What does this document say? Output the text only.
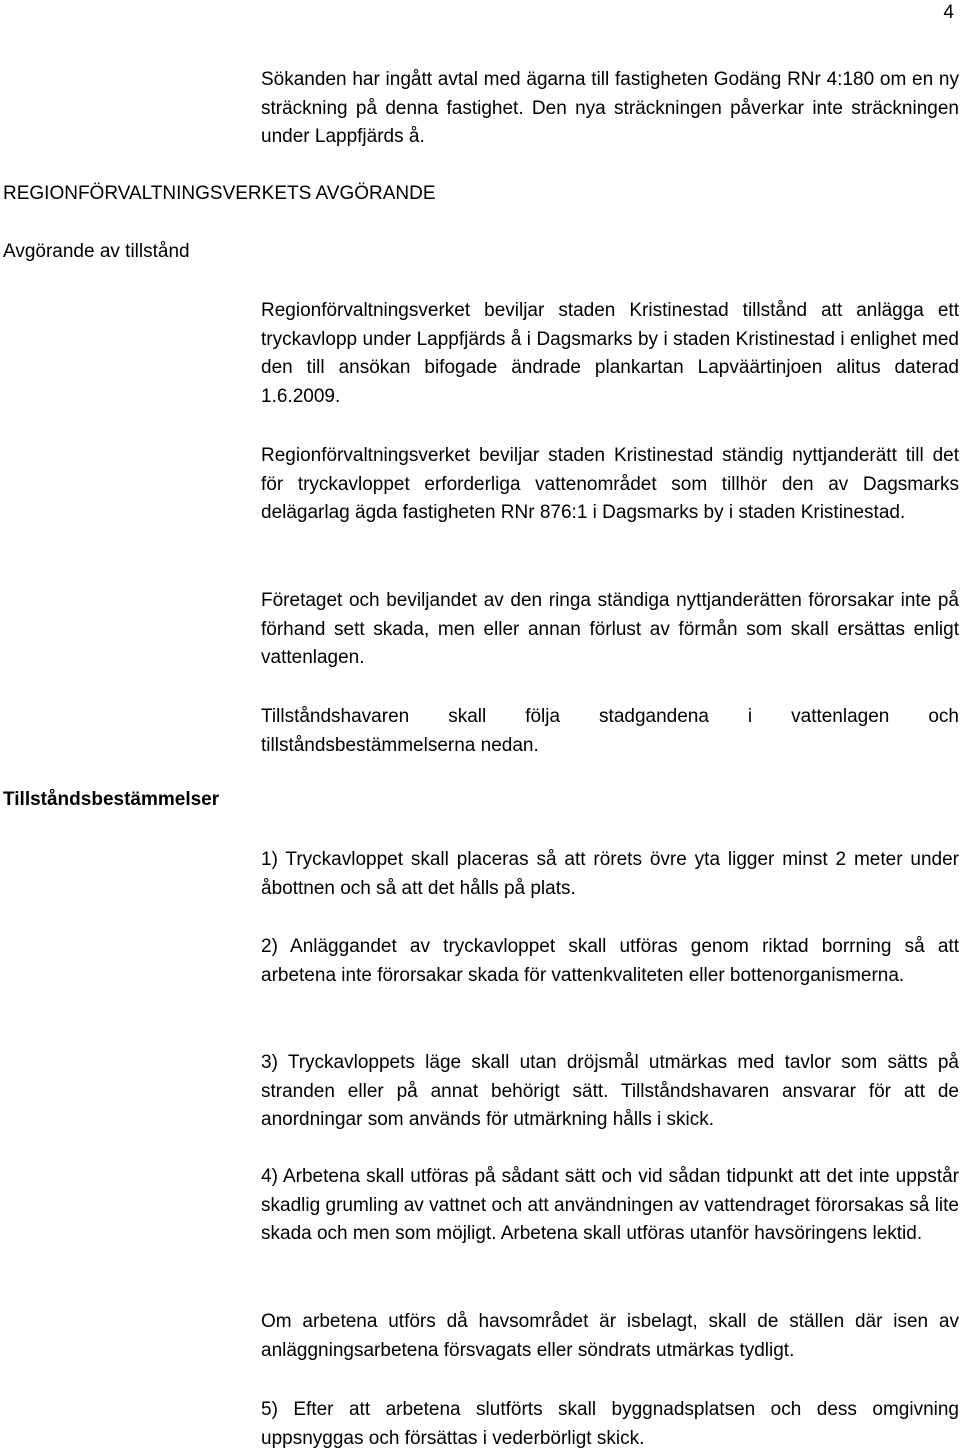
4

Sökanden har ingått avtal med ägarna till fastigheten Godäng RNr 4:180 om en ny sträckning på denna fastighet. Den nya sträckningen påverkar inte sträckningen under Lappfjärds å.

REGIONFÖRVALTNINGSVERKETS AVGÖRANDE
Avgörande av tillstånd

Regionförvaltningsverket beviljar staden Kristinestad tillstånd att anlägga ett tryckavlopp under Lappfjärds å i Dagsmarks by i staden Kristinestad i enlighet med den till ansökan bifogade ändrade plankartan Lapväärtinjoen alitus daterad 1.6.2009.

Regionförvaltningsverket beviljar staden Kristinestad ständig nyttjanderätt till det för tryckavloppet erforderliga vattenområdet som tillhör den av Dagsmarks delägarlag ägda fastigheten RNr 876:1 i Dagsmarks by i staden Kristinestad.

Företaget och beviljandet av den ringa ständiga nyttjanderätten förorsakar inte på förhand sett skada, men eller annan förlust av förmån som skall ersättas enligt vattenlagen.

Tillståndshavaren skall följa stadgandena i vattenlagen och tillståndsbestämmelserna nedan.

Tillståndsbestämmelser

1) Tryckavloppet skall placeras så att rörets övre yta ligger minst 2 meter under åbottnen och så att det hålls på plats.

2) Anläggandet av tryckavloppet skall utföras genom riktad borrning så att arbetena inte förorsakar skada för vattenkvaliteten eller bottenorganismerna.

3) Tryckavloppets läge skall utan dröjsmål utmärkas med tavlor som sätts på stranden eller på annat behörigt sätt. Tillståndshavaren ansvarar för att de anordningar som används för utmärkning hålls i skick.

4) Arbetena skall utföras på sådant sätt och vid sådan tidpunkt att det inte uppstår skadlig grumling av vattnet och att användningen av vattendraget förorsakas så lite skada och men som möjligt. Arbetena skall utföras utanför havsöringens lektid.

Om arbetena utförs då havsområdet är isbelagt, skall de ställen där isen av anläggningsarbetena försvagats eller söndrats utmärkas tydligt.

5) Efter att arbetena slutförts skall byggnadsplatsen och dess omgivning uppsnyggas och försättas i vederbörligt skick.
